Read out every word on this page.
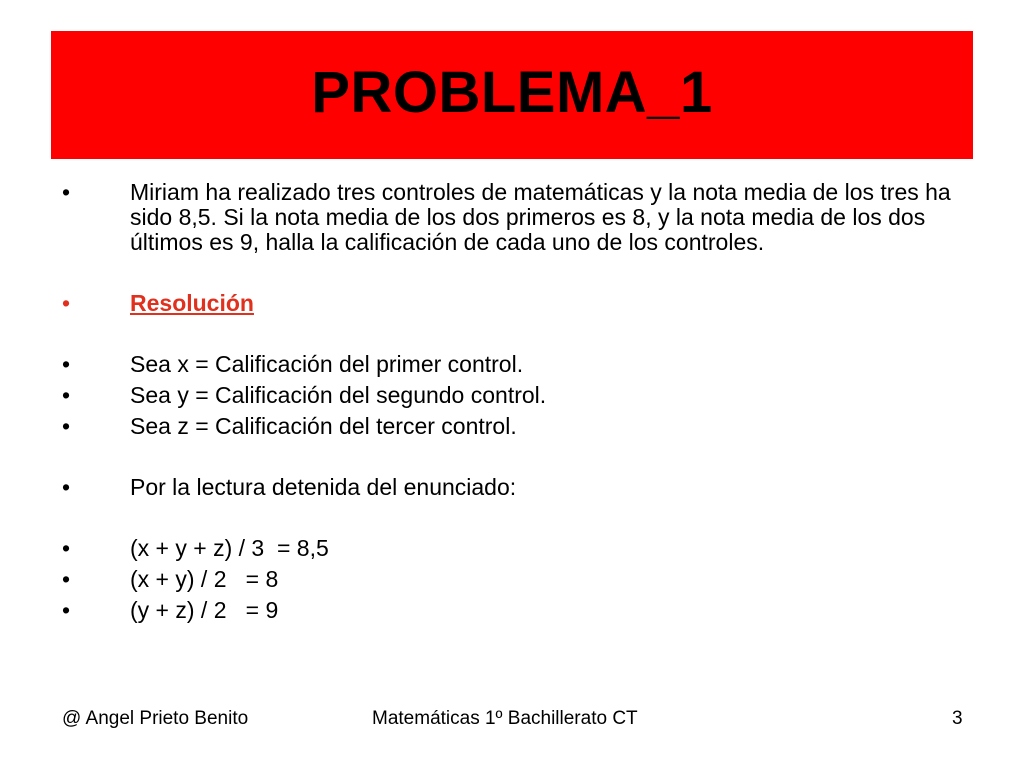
PROBLEMA_1
•	Miriam ha realizado tres controles de matemáticas y la nota media de los tres ha sido 8,5. Si la nota media de los dos primeros es 8, y la nota media de los dos últimos es 9, halla la calificación de cada uno de los controles.
•	Resolución
•	Sea x = Calificación del primer control.
•	Sea y = Calificación del segundo control.
•	Sea z = Calificación del tercer control.
•	Por la lectura detenida del enunciado:
•	(x + y + z) / 3  = 8,5
•	(x + y) / 2   = 8
•	(y + z) / 2   = 9
@ Angel Prieto Benito	Matemáticas 1º Bachillerato CT	3
